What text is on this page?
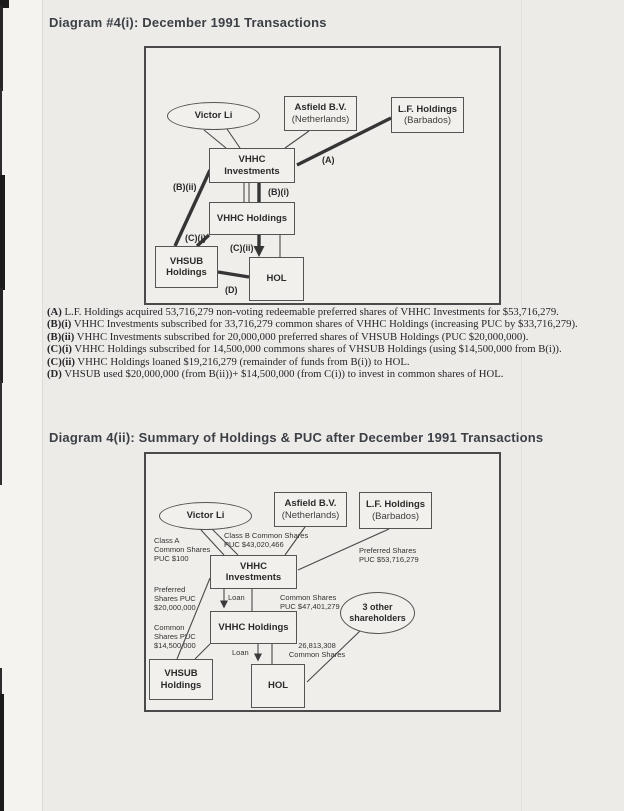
Diagram #4(i): December 1991 Transactions
Victor Li
Asfield B.V.
(Netherlands)
L.F. Holdings
(Barbados)
VHHC Investments
VHHC Holdings
VHSUB Holdings
HOL
(A)
(B)(i)
(B)(ii)
(C)(i)
(C)(ii)
(D)
(A) L.F. Holdings acquired 53,716,279 non-voting redeemable preferred shares of VHHC Investments for $53,716,279.
(B)(i) VHHC Investments subscribed for 33,716,279 common shares of VHHC Holdings (increasing PUC by $33,716,279).
(B)(ii) VHHC Investments subscribed for 20,000,000 preferred shares of VHSUB Holdings (PUC $20,000,000).
(C)(i) VHHC Holdings subscribed for 14,500,000 commons shares of VHSUB Holdings (using $14,500,000 from B(i)).
(C)(ii) VHHC Holdings loaned $19,216,279 (remainder of funds from B(i)) to HOL.
(D) VHSUB used $20,000,000 (from B(ii))+ $14,500,000 (from C(i)) to invest in common shares of HOL.
Diagram 4(ii): Summary of Holdings & PUC after December 1991 Transactions
Victor Li
Asfield B.V.
(Netherlands)
L.F. Holdings
(Barbados)
VHHC Investments
VHHC Holdings
VHSUB Holdings	HOL
3 other
shareholders
Class A
Common Shares
PUC $100
Class B Common Shares
PUC $43,020,466
Preferred Shares
PUC $53,716,279
Preferred
Shares PUC
$20,000,000
Loan	Common Shares
PUC $47,401,279
Common
Shares PUC
$14,500,000
Loan
26,813,308
Common Shares
